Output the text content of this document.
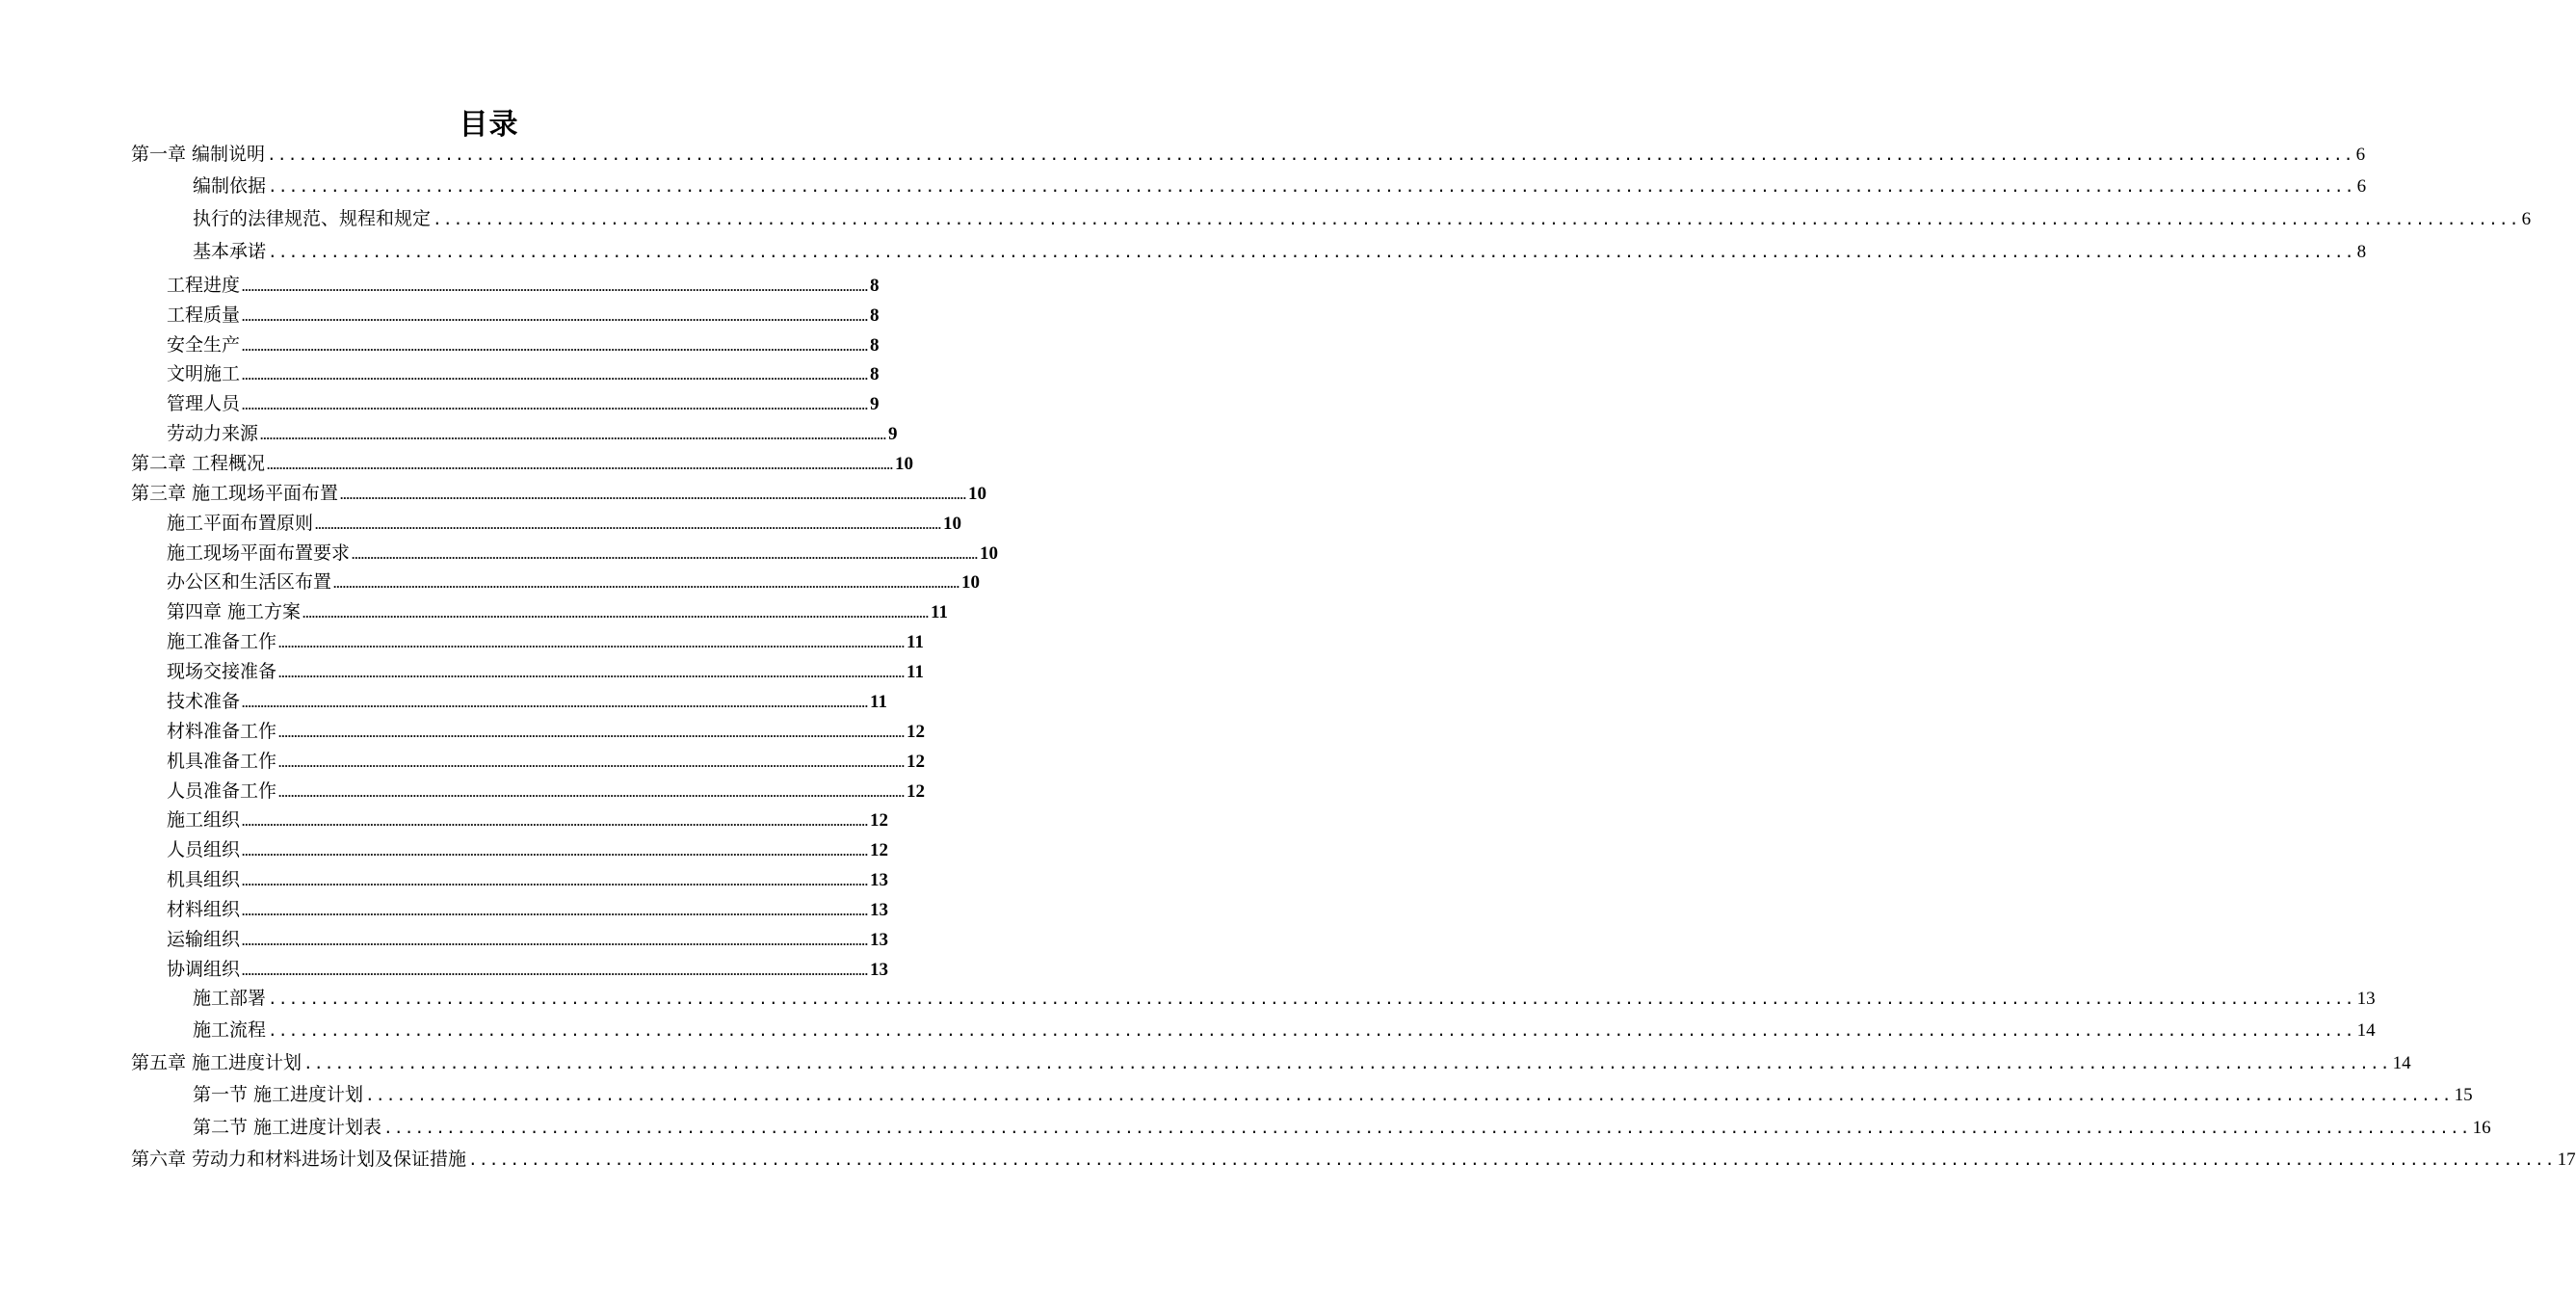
目录
第一章 编制说明 ........................................................................................................................................................................................................ 6
编制依据 ........................................................................................................................................................................................................ 6
执行的法律规范、规程和规定 ........................................................................................................................................................................................................ 6
基本承诺 ........................................................................................................................................................................................................ 8
工程进度 ........................................................................................................................................................................................................ 8
工程质量 ........................................................................................................................................................................................................ 8
安全生产 ........................................................................................................................................................................................................ 8
文明施工 ........................................................................................................................................................................................................ 8
管理人员 ........................................................................................................................................................................................................ 9
劳动力来源 ........................................................................................................................................................................................................ 9
第二章 工程概况 ........................................................................................................................................................................................................ 10
第三章 施工现场平面布置 ........................................................................................................................................................................................................ 10
施工平面布置原则 ........................................................................................................................................................................................................ 10
施工现场平面布置要求 ........................................................................................................................................................................................................ 10
办公区和生活区布置 ........................................................................................................................................................................................................ 10
第四章 施工方案 ........................................................................................................................................................................................................ 11
施工准备工作 ........................................................................................................................................................................................................ 11
现场交接准备 ........................................................................................................................................................................................................ 11
技术准备 ........................................................................................................................................................................................................ 11
材料准备工作 ........................................................................................................................................................................................................ 12
机具准备工作 ........................................................................................................................................................................................................ 12
人员准备工作 ........................................................................................................................................................................................................ 12
施工组织 ........................................................................................................................................................................................................ 12
人员组织 ........................................................................................................................................................................................................ 12
机具组织 ........................................................................................................................................................................................................ 13
材料组织 ........................................................................................................................................................................................................ 13
运输组织 ........................................................................................................................................................................................................ 13
协调组织 ........................................................................................................................................................................................................ 13
施工部署 ........................................................................................................................................................................................................ 13
施工流程 ........................................................................................................................................................................................................ 14
第五章 施工进度计划 ........................................................................................................................................................................................................ 14
第一节 施工进度计划 ........................................................................................................................................................................................................ 15
第二节 施工进度计划表 ........................................................................................................................................................................................................ 16
第六章 劳动力和材料进场计划及保证措施 ........................................................................................................................................................................................................ 17
